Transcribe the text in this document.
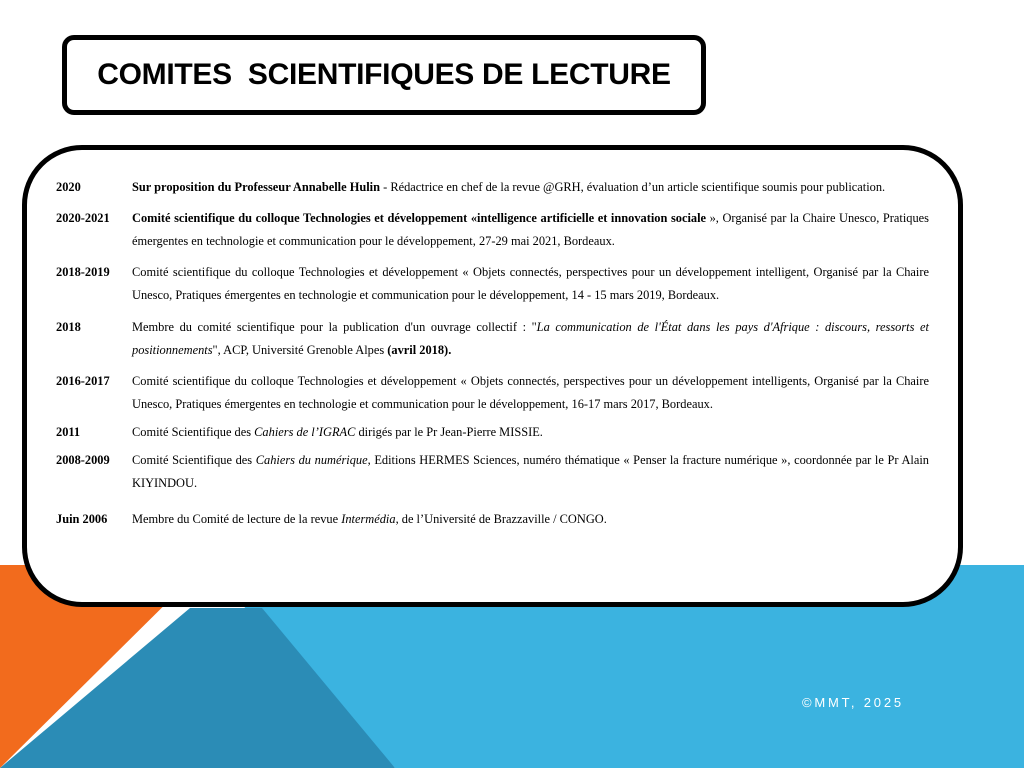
COMITES  SCIENTIFIQUES DE LECTURE
2020	Sur proposition du Professeur Annabelle Hulin - Rédactrice en chef de la revue @GRH, évaluation d’un article scientifique soumis pour publication.
2020-2021	Comité scientifique du colloque Technologies et développement «intelligence artificielle et innovation sociale », Organisé par la Chaire Unesco, Pratiques émergentes en technologie et communication pour le développement, 27-29 mai 2021, Bordeaux.
2018-2019	Comité scientifique du colloque Technologies et développement « Objets connectés, perspectives pour un développement intelligent, Organisé par la Chaire Unesco, Pratiques émergentes en technologie et communication pour le développement, 14 - 15 mars 2019, Bordeaux.
2018	Membre du comité scientifique pour la publication d'un ouvrage collectif : "La communication de l'État dans les pays d'Afrique : discours, ressorts et positionnements", ACP, Université Grenoble Alpes (avril 2018).
2016-2017	Comité scientifique du colloque Technologies et développement « Objets connectés, perspectives pour un développement intelligents, Organisé par la Chaire Unesco, Pratiques émergentes en technologie et communication pour le développement, 16-17 mars 2017, Bordeaux.
2011	Comité Scientifique des Cahiers de l’IGRAC dirigés par le Pr Jean-Pierre MISSIE.
2008-2009	Comité Scientifique des Cahiers du numérique, Editions HERMES Sciences, numéro thématique « Penser la fracture numérique », coordonnée par le Pr Alain KIYINDOU.
Juin 2006	Membre du Comité de lecture de la revue Intermédia, de l’Université de Brazzaville / CONGO.
©MMT, 2025
